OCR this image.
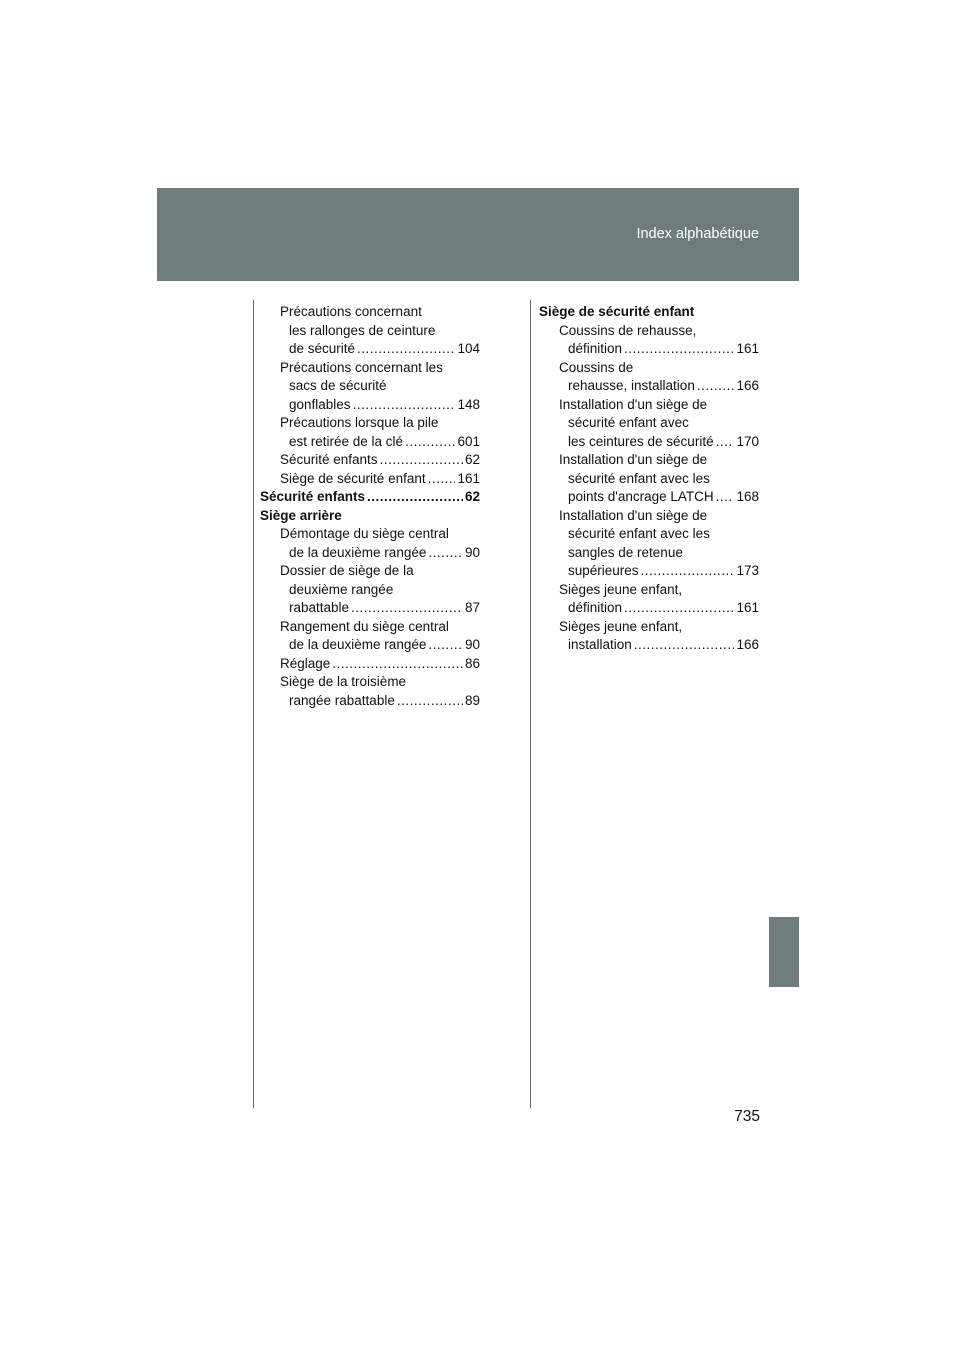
Index alphabétique
Précautions concernant
les rallonges de ceinture
de sécurité .....	104
Précautions concernant les
sacs de sécurité
gonflables .....	148
Précautions lorsque la pile
est retirée de la clé .....	601
Sécurité enfants .....	62
Siège de sécurité enfant ..... 161
Sécurité enfants .....	62
Siège arrière
Démontage du siège central
de la deuxième rangée .....	90
Dossier de siège de la
deuxième rangée
rabattable .....	87
Rangement du siège central
de la deuxième rangée .....	90
Réglage .....	86
Siège de la troisième
rangée rabattable .....	89
Siège de sécurité enfant
Coussins de rehausse,
définition .....	161
Coussins de
rehausse, installation .....	166
Installation d'un siège de
sécurité enfant avec
les ceintures de sécurité ..... 170
Installation d'un siège de
sécurité enfant avec les
points d'ancrage LATCH ..... 168
Installation d'un siège de
sécurité enfant avec les
sangles de retenue
supérieures .....	173
Sièges jeune enfant,
définition .....	161
Sièges jeune enfant,
installation .....	166
735
